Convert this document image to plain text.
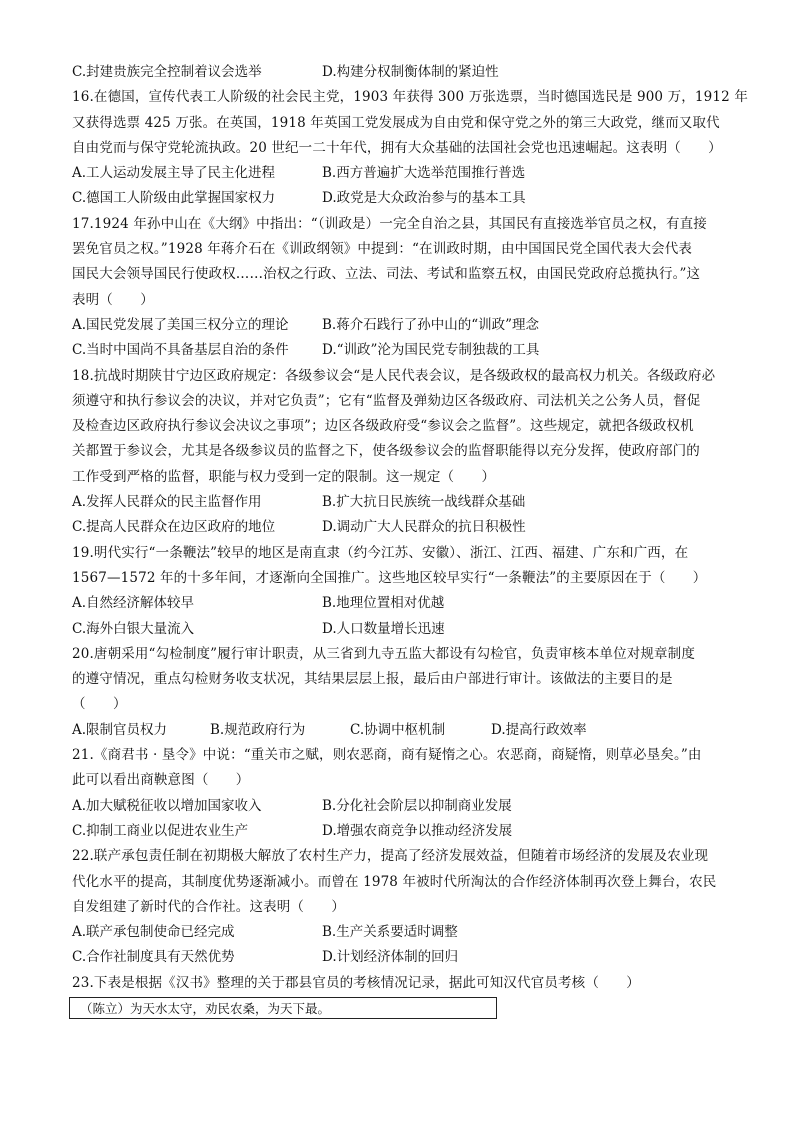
C.封建贵族完全控制着议会选举	D.构建分权制衡体制的紧迫性
16.在德国，宣传代表工人阶级的社会民主党，1903 年获得 300 万张选票，当时德国选民是 900 万，1912 年
又获得选票 425 万张。在英国，1918 年英国工党发展成为自由党和保守党之外的第三大政党，继而又取代
自由党而与保守党轮流执政。20 世纪一二十年代，拥有大众基础的法国社会党也迅速崛起。这表明（　　）
A.工人运动发展主导了民主化进程	B.西方普遍扩大选举范围推行普选
C.德国工人阶级由此掌握国家权力	D.政党是大众政治参与的基本工具
17.1924 年孙中山在《大纲》中指出：“（训政是）一完全自治之县，其国民有直接选举官员之权，有直接
罢免官员之权。”1928 年蒋介石在《训政纲领》中提到：“在训政时期，由中国国民党全国代表大会代表
国民大会领导国民行使政权……治权之行政、立法、司法、考试和监察五权，由国民党政府总揽执行。”这
表明（　　）
A.国民党发展了美国三权分立的理论	B.蒋介石践行了孙中山的“训政”理念
C.当时中国尚不具备基层自治的条件	D.“训政”沦为国民党专制独裁的工具
18.抗战时期陕甘宁边区政府规定：各级参议会“是人民代表会议，是各级政权的最高权力机关。各级政府必
须遵守和执行参议会的决议，并对它负责”；它有“监督及弹劾边区各级政府、司法机关之公务人员，督促
及检查边区政府执行参议会决议之事项”；边区各级政府受“参议会之监督”。这些规定，就把各级政权机
关都置于参议会，尤其是各级参议员的监督之下，使各级参议会的监督职能得以充分发挥，使政府部门的
工作受到严格的监督，职能与权力受到一定的限制。这一规定（　　）
A.发挥人民群众的民主监督作用	B.扩大抗日民族统一战线群众基础
C.提高人民群众在边区政府的地位	D.调动广大人民群众的抗日积极性
19.明代实行“一条鞭法”较早的地区是南直隶（约今江苏、安徽）、浙江、江西、福建、广东和广西，在
1567—1572 年的十多年间，才逐渐向全国推广。这些地区较早实行“一条鞭法”的主要原因在于（　　）
A.自然经济解体较早	B.地理位置相对优越
C.海外白银大量流入	D.人口数量增长迅速
20.唐朝采用“勾检制度”履行审计职责，从三省到九寺五监大都设有勾检官，负责审核本单位对规章制度
的遵守情况，重点勾检财务收支状况，其结果层层上报，最后由户部进行审计。该做法的主要目的是
（　　）
A.限制官员权力	B.规范政府行为	C.协调中枢机制	D.提高行政效率
21.《商君书 · 垦令》中说：“重关市之赋，则农恶商，商有疑惰之心。农恶商，商疑惰，则草必垦矣。”由
此可以看出商鞅意图（　　）
A.加大赋税征收以增加国家收入	B.分化社会阶层以抑制商业发展
C.抑制工商业以促进农业生产	D.增强农商竞争以推动经济发展
22.联产承包责任制在初期极大解放了农村生产力，提高了经济发展效益，但随着市场经济的发展及农业现
代化水平的提高，其制度优势逐渐减小。而曾在 1978 年被时代所淘汰的合作经济体制再次登上舞台，农民
自发组建了新时代的合作社。这表明（　　）
A.联产承包制使命已经完成	B.生产关系要适时调整
C.合作社制度具有天然优势	D.计划经济体制的回归
23.下表是根据《汉书》整理的关于郡县官员的考核情况记录，据此可知汉代官员考核（　　）
（陈立）为天水太守，劝民农桑，为天下最。
